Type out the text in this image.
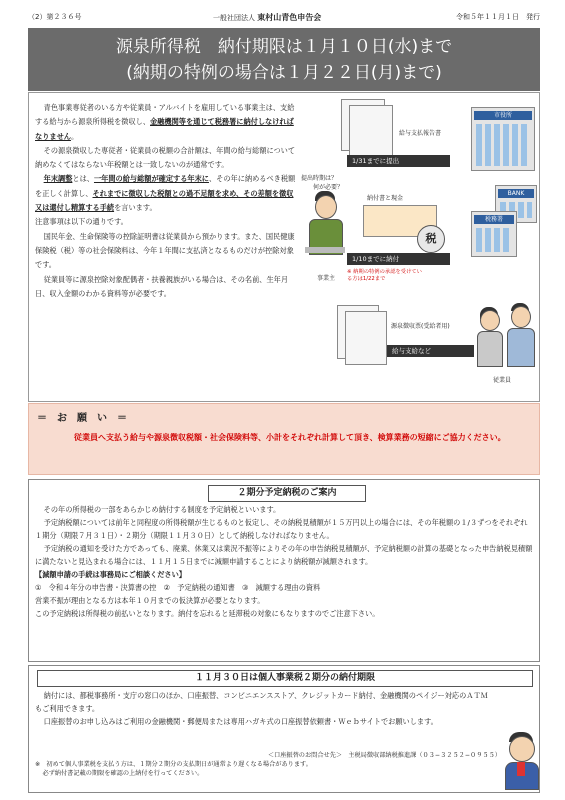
（2）第２３６号	一般社団法人 東村山青色申告会	令和５年１１月１日　発行
源泉所得税　納付期限は１月１０日(水)まで
(納期の特例の場合は１月２２日(月)まで)

青色事業専従者のいる方や従業員・アルバイトを雇用している事業主は、支給する給与から源泉所得税を徴収し、金融機関等を通じて税務署に納付しなければなりません。

その源泉徴収した専従者・従業員の税額の合計額は、年間の給与総額について納めなくてはならない年税額とは一致しないのが通常です。

年末調整とは、一年間の給与総額が確定する年末に、その年に納めるべき税額を正しく計算し、それまでに徴収した税額との過不足額を求め、その差額を徴収又は還付し精算する手続を言います。

注意事項は以下の通りです。

国民年金、生命保険等の控除証明書は従業員から預かります。また、国民健康保険税（税）等の社会保険料は、今年１年間に支払済となるものだけが控除対象です。

従業員等に源泉控除対象配偶者・扶養親族がいる場合は、その名前、生年月日、収入金額のわかる資料等が必要です。

給与支払報告書
1/31までに提出
市役所
提出時期は？
何が必要？
事業主
納付書と現金
税
1/10までに納付
※ 納期の特例の承認を受けている方は1/22まで
BANK
税務署
源泉徴収票(受給者用)
給与支給など
従業員
＝　お　願　い　＝
従業員へ支払う給与や源泉徴収税額・社会保険料等、小計をそれぞれ計算して頂き、検算業務の短縮にご協力ください。
２期分予定納税のご案内

その年の所得税の一部をあらかじめ納付する制度を予定納税といいます。

予定納税額については前年と同程度の所得税額が生じるものと仮定し、その納税見積額が１５万円以上の場合には、その年税額の１/３ずつをそれぞれ１期分（期限７月３１日）・２期分（期限１１月３０日）として納税しなければなりません。

予定納税の通知を受けた方であっても、廃業、休業又は業況不振等によりその年の申告納税見積額が、予定納税額の計算の基礎となった申告納税見積額に満たないと見込まれる場合には、１１月１５日までに減額申請することにより納税額が減額されます。

【減額申請の手続は事務局にご相談ください】

①　令和４年分の申告書・決算書の控　②　予定納税の通知書　③　減額する理由の資料

営業不振が理由となる方は本年１０月までの仮決算が必要となります。

この予定納税は所得税の前払いとなります。納付を忘れると延滞税の対象にもなりますのでご注意下さい。

１１月３０日は個人事業税２期分の納付期限

納付には、都税事務所・支庁の窓口のほか、口座振替、コンビニエンスストア、クレジットカード納付、金融機関のペイジー対応のＡＴＭもご利用できます。

口座振替のお申し込みはご利用の金融機関・郵便局または専用ハガキ式の口座振替依頼書・Ｗｅｂサイトでお願いします。

＜口座振替のお問合せ先＞　主税局徴収部納税推進課（０３−３２５２−０９５５）

※　初めて個人事業税を支払う方は、１期分２期分の支払期日が通常より遅くなる場合があります。

必ず納付書記載の期限を確認の上納付を行ってください。
